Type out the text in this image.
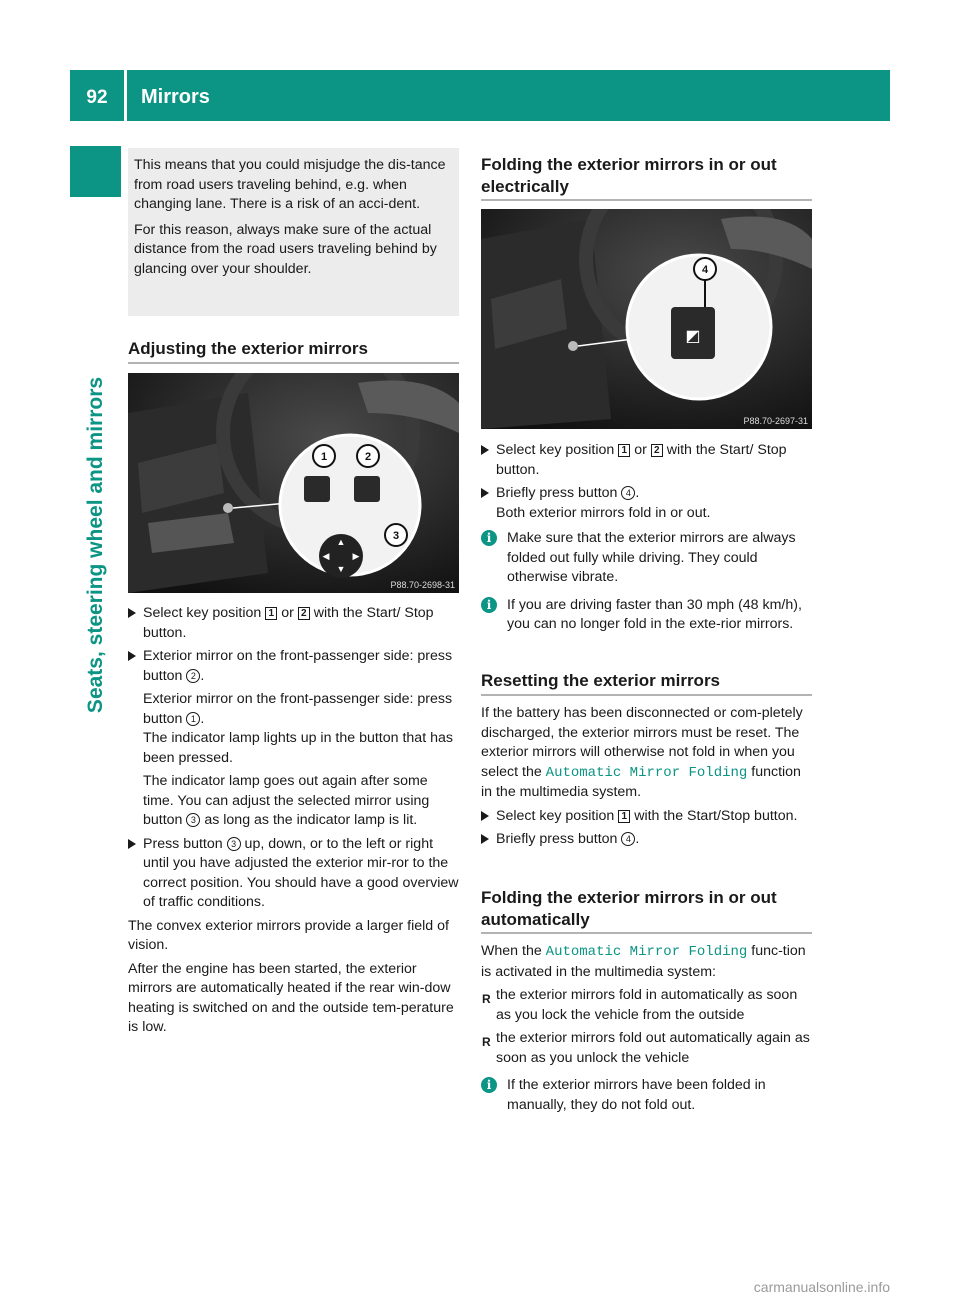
92	Mirrors
Seats, steering wheel and mirrors

This means that you could misjudge the dis-tance from road users traveling behind, e.g. when changing lane. There is a risk of an acci-dent.

For this reason, always make sure of the actual distance from the road users traveling behind by glancing over your shoulder.

Adjusting the exterior mirrors
▲
▼
◀	▶
1	2
3
P88.70-2698-31
Select key position 1 or 2 with the Start/ Stop button.
Exterior mirror on the front-passenger side: press button 2 .
Exterior mirror on the front-passenger side: press button 1 .
The indicator lamp lights up in the button that has been pressed.
The indicator lamp goes out again after some time. You can adjust the selected mirror using button 3 as long as the indicator lamp is lit.
Press button 3 up, down, or to the left or right until you have adjusted the exterior mir-ror to the correct position. You should have a good overview of traffic conditions.

The convex exterior mirrors provide a larger field of vision.

After the engine has been started, the exterior mirrors are automatically heated if the rear win-dow heating is switched on and the outside tem-perature is low.

Folding the exterior mirrors in or out electrically
◩
4
P88.70-2697-31
Select key position 1 or 2 with the Start/ Stop button.
Briefly press button 4 .
Both exterior mirrors fold in or out.
i	Make sure that the exterior mirrors are always folded out fully while driving. They could otherwise vibrate.
i	If you are driving faster than 30 mph (48 km/h), you can no longer fold in the exte-rior mirrors.
Resetting the exterior mirrors

If the battery has been disconnected or com-pletely discharged, the exterior mirrors must be reset. The exterior mirrors will otherwise not fold in when you select the Automatic Mirror Folding function in the multimedia system.

Select key position 1 with the Start/Stop button.
Briefly press button 4 .
Folding the exterior mirrors in or out automatically

When the Automatic Mirror Folding func-tion is activated in the multimedia system:

R the exterior mirrors fold in automatically as soon as you lock the vehicle from the outside
R the exterior mirrors fold out automatically again as soon as you unlock the vehicle
i	If the exterior mirrors have been folded in manually, they do not fold out.
carmanualsonline.info
